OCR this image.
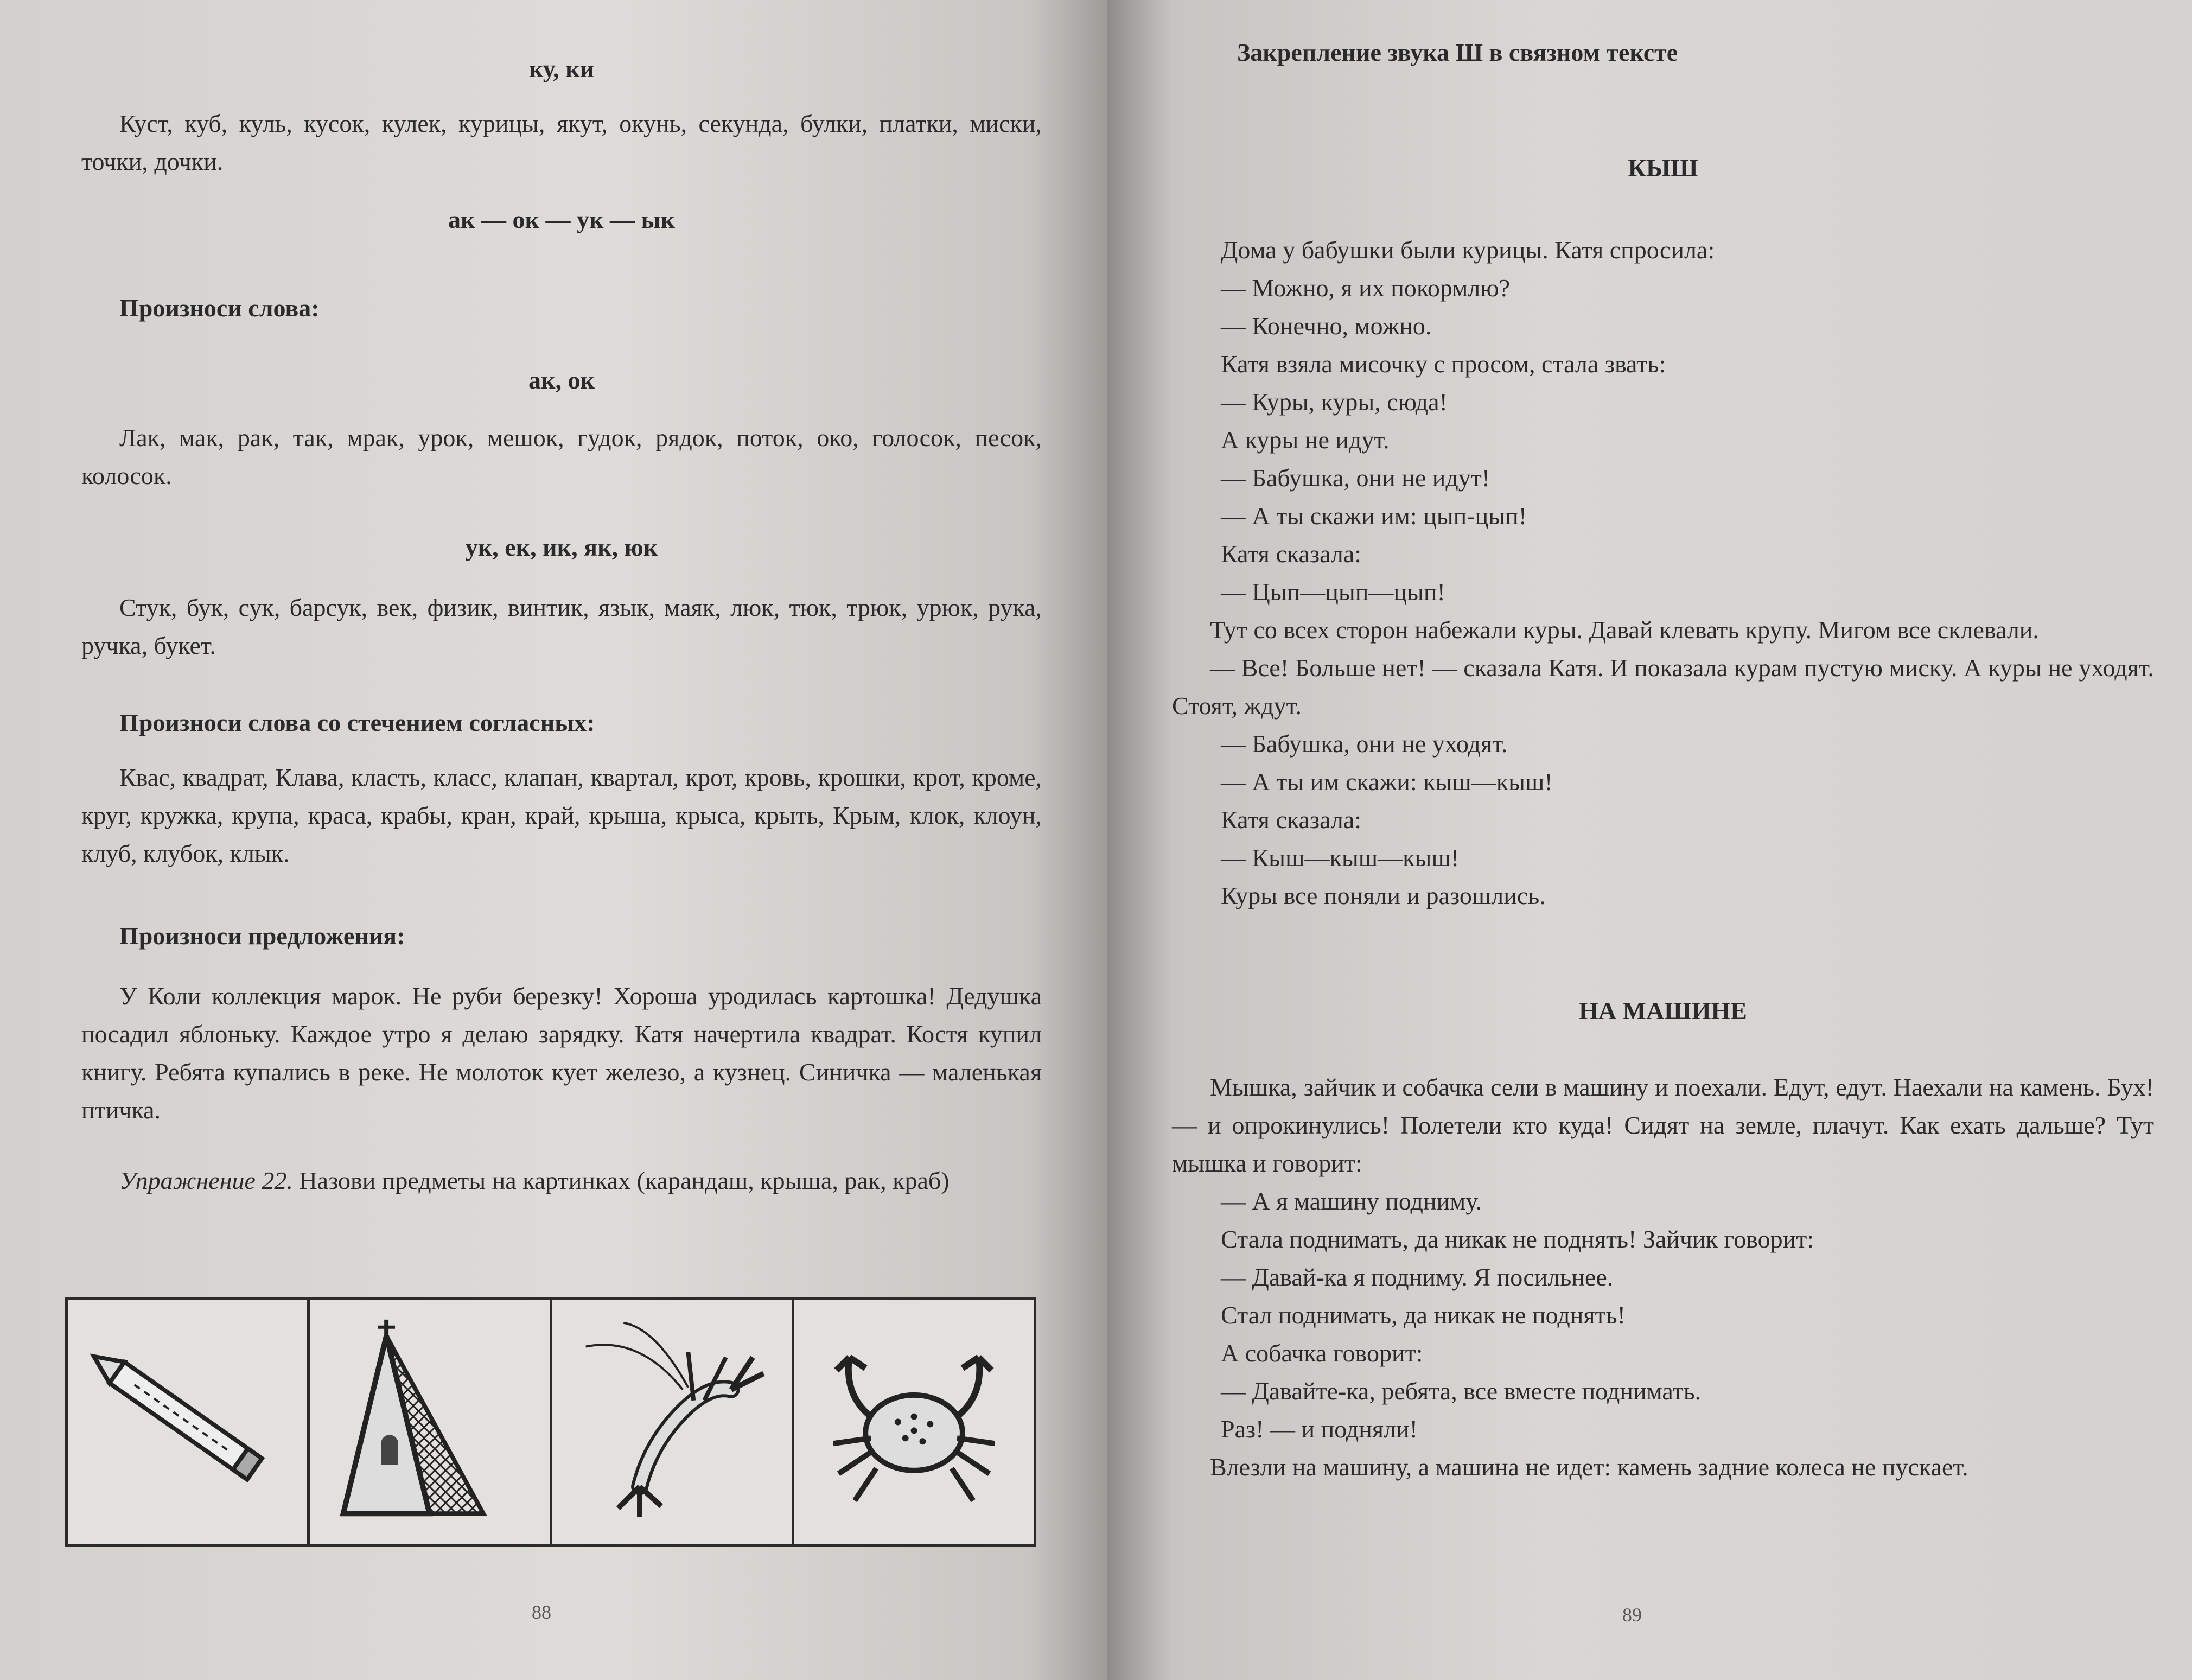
ку, ки

Куст, куб, куль, кусок, кулек, курицы, якут, окунь, секунда, булки, платки, миски, точки, дочки.

ак — ок — ук — ык

Произноси слова:

ак, ок

Лак, мак, рак, так, мрак, урок, мешок, гудок, рядок, поток, око, голосок, песок, колосок.

ук, ек, ик, як, юк

Стук, бук, сук, барсук, век, физик, винтик, язык, маяк, люк, тюк, трюк, урюк, рука, ручка, букет.

Произноси слова со стечением согласных:

Квас, квадрат, Клава, класть, класс, клапан, квартал, крот, кровь, крошки, крот, кроме, круг, кружка, крупа, краса, крабы, кран, край, крыша, крыса, крыть, Крым, клок, клоун, клуб, клубок, клык.

Произноси предложения:

У Коли коллекция марок. Не руби березку! Хороша уродилась картошка! Дедушка посадил яблоньку. Каждое утро я делаю зарядку. Катя начертила квадрат. Костя купил книгу. Ребята купались в реке. Не молоток кует железо, а кузнец. Синичка — маленькая птичка.

Упражнение 22. Назови предметы на картинках (карандаш, крыша, рак, краб)

88

Закрепление звука Ш в связном тексте

КЫШ

Дома у бабушки были курицы. Катя спросила:

— Можно, я их покормлю?

— Конечно, можно.

Катя взяла мисочку с просом, стала звать:

— Куры, куры, сюда!

А куры не идут.

— Бабушка, они не идут!

— А ты скажи им: цып-цып!

Катя сказала:

— Цып—цып—цып!

Тут со всех сторон набежали куры. Давай клевать крупу. Мигом все склевали.

— Все! Больше нет! — сказала Катя. И показала курам пустую миску. А куры не уходят. Стоят, ждут.

— Бабушка, они не уходят.

— А ты им скажи: кыш—кыш!

Катя сказала:

— Кыш—кыш—кыш!

Куры все поняли и разошлись.

НА МАШИНЕ

Мышка, зайчик и собачка сели в машину и поехали. Едут, едут. Наехали на камень. Бух! — и опрокинулись! Полетели кто куда! Сидят на земле, плачут. Как ехать дальше? Тут мышка и говорит:

— А я машину подниму.

Стала поднимать, да никак не поднять! Зайчик говорит:

— Давай-ка я подниму. Я посильнее.

Стал поднимать, да никак не поднять!

А собачка говорит:

— Давайте-ка, ребята, все вместе поднимать.

Раз! — и подняли!

Влезли на машину, а машина не идет: камень задние колеса не пускает.

89
